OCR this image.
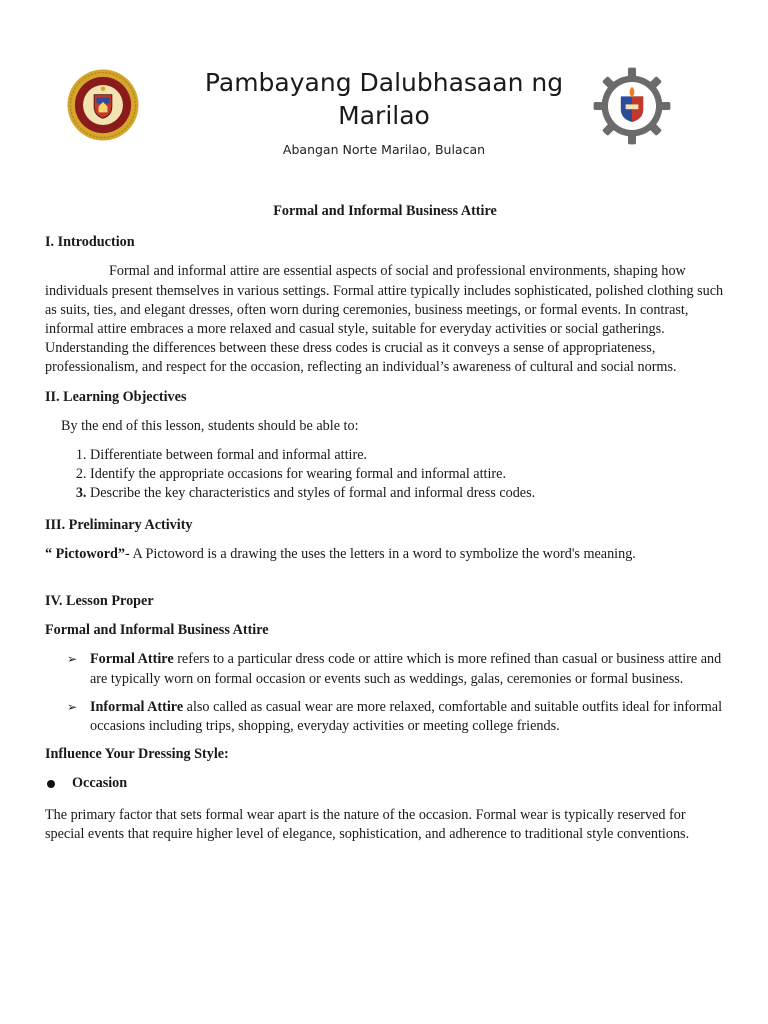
Pambayang Dalubhasaan ng Marilao
Abangan Norte Marilao, Bulacan
Formal and Informal Business Attire
I. Introduction

Formal and informal attire are essential aspects of social and professional environments, shaping how individuals present themselves in various settings. Formal attire typically includes sophisticated, polished clothing such as suits, ties, and elegant dresses, often worn during ceremonies, business meetings, or formal events. In contrast, informal attire embraces a more relaxed and casual style, suitable for everyday activities or social gatherings. Understanding the differences between these dress codes is crucial as it conveys a sense of appropriateness, professionalism, and respect for the occasion, reflecting an individual’s awareness of cultural and social norms.

II. Learning Objectives

By the end of this lesson, students should be able to:

1. Differentiate between formal and informal attire.
2. Identify the appropriate occasions for wearing formal and informal attire.
3. Describe the key characteristics and styles of formal and informal dress codes.
III. Preliminary Activity

“ Pictoword”- A Pictoword is a drawing the uses the letters in a word to symbolize the word's meaning.

IV. Lesson Proper
Formal and Informal Business Attire
➢ Formal Attire refers to a particular dress code or attire which is more refined than casual or business attire and are typically worn on formal occasion or events such as weddings, galas, ceremonies or formal business.
➢ Informal Attire also called as casual wear are more relaxed, comfortable and suitable outfits ideal for informal occasions including trips, shopping, everyday activities or meeting college friends.
Influence Your Dressing Style:
Occasion

The primary factor that sets formal wear apart is the nature of the occasion. Formal wear is typically reserved for special events that require higher level of elegance, sophistication, and adherence to traditional style conventions.
